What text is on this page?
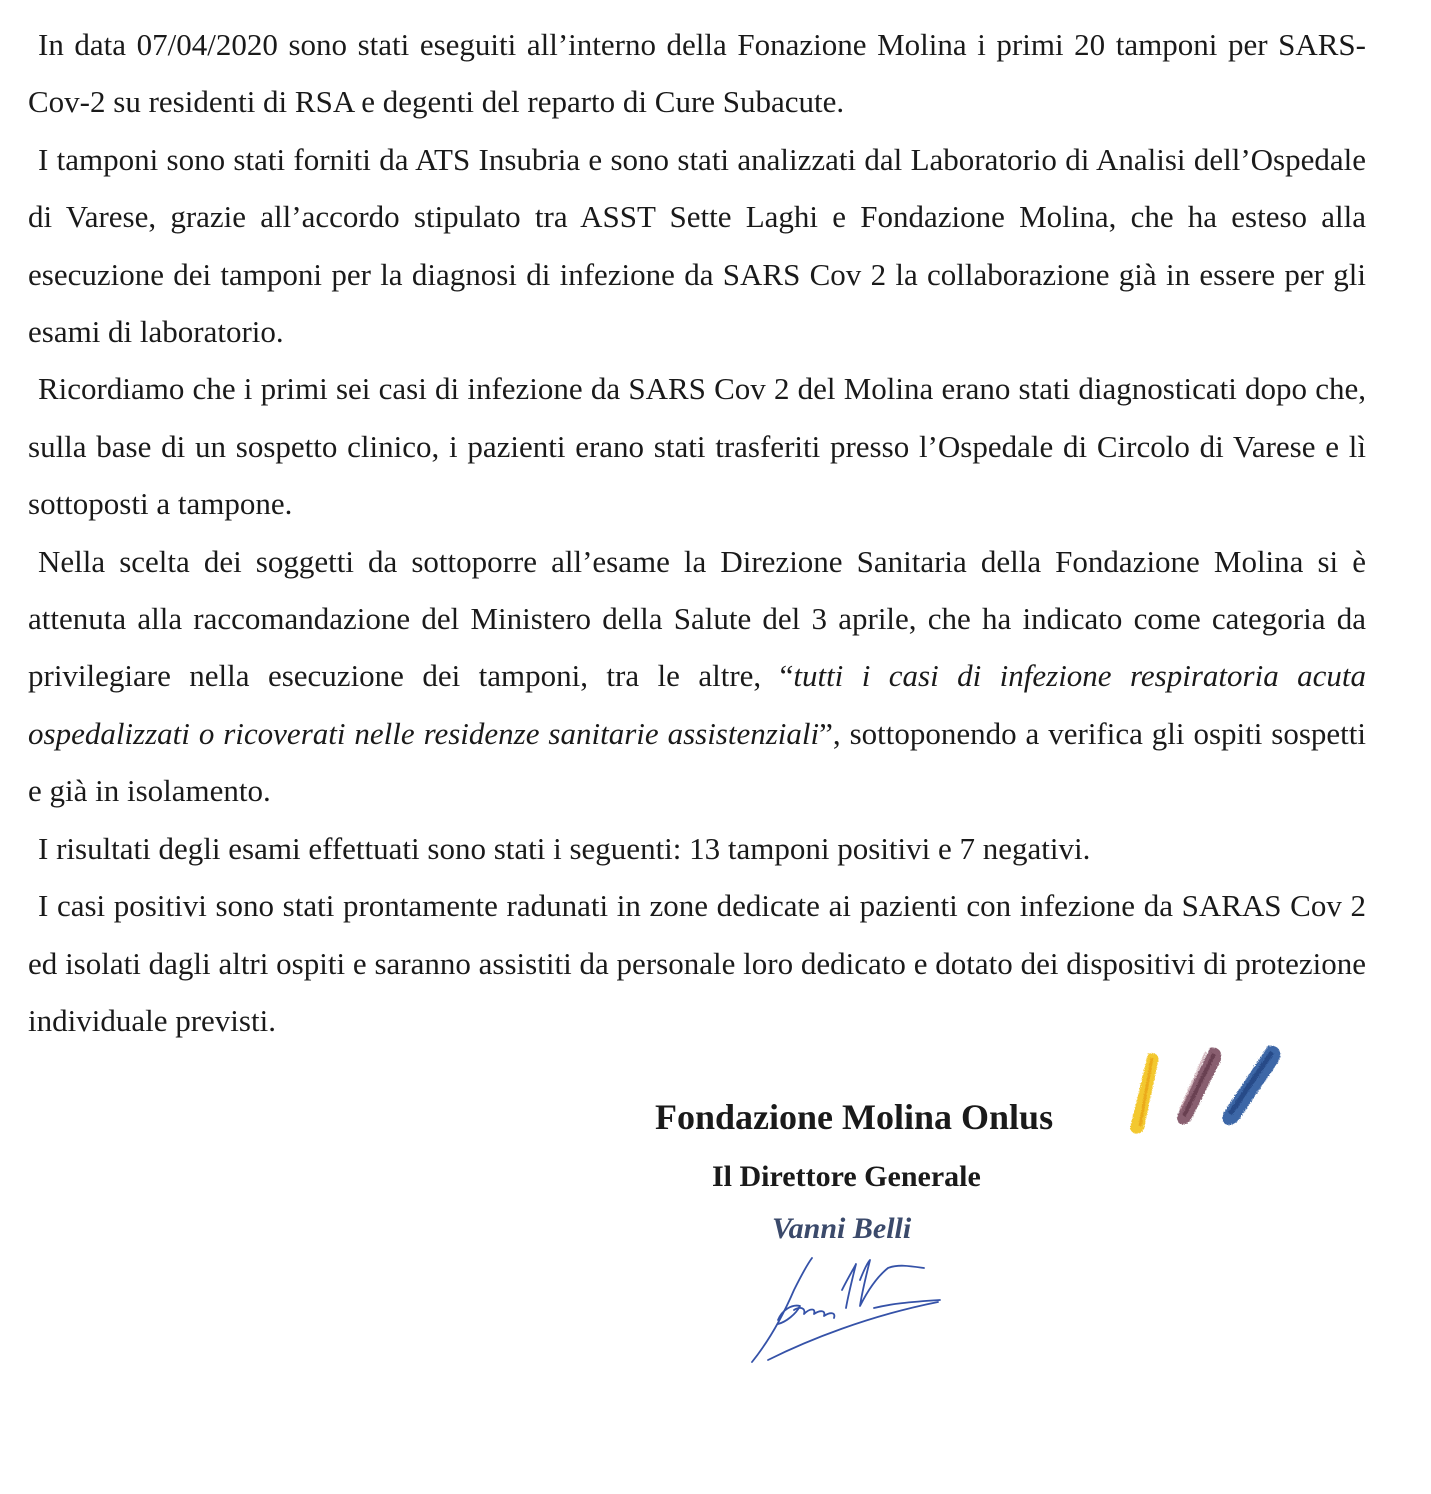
In data 07/04/2020 sono stati eseguiti all’interno della Fonazione Molina i primi 20 tamponi per SARS-Cov-2 su residenti di RSA e degenti del reparto di Cure Subacute.

I tamponi sono stati forniti da ATS Insubria e sono stati analizzati dal Laboratorio di Analisi dell’Ospedale di Varese, grazie all’accordo stipulato tra ASST Sette Laghi e Fondazione Molina, che ha esteso alla esecuzione dei tamponi per la diagnosi di infezione da SARS Cov 2 la collaborazione già in essere per gli esami di laboratorio.

Ricordiamo che i primi sei casi di infezione da SARS Cov 2 del Molina erano stati diagnosticati dopo che, sulla base di un sospetto clinico, i pazienti erano stati trasferiti presso l’Ospedale di Circolo di Varese e lì sottoposti a tampone.

Nella scelta dei soggetti da sottoporre all’esame la Direzione Sanitaria della Fondazione Molina si è attenuta alla raccomandazione del Ministero della Salute del 3 aprile, che ha indicato come categoria da privilegiare nella esecuzione dei tamponi, tra le altre, “tutti i casi di infezione respiratoria acuta ospedalizzati o ricoverati nelle residenze sanitarie assistenziali”, sottoponendo a verifica gli ospiti sospetti e già in isolamento.

I risultati degli esami effettuati sono stati i seguenti: 13 tamponi positivi e 7 negativi.

I casi positivi sono stati prontamente radunati in zone dedicate ai pazienti con infezione da SARAS Cov 2 ed isolati dagli altri ospiti e saranno assistiti da personale loro dedicato e dotato dei dispositivi di protezione individuale previsti.

Fondazione Molina Onlus
Il Direttore Generale
Vanni Belli
